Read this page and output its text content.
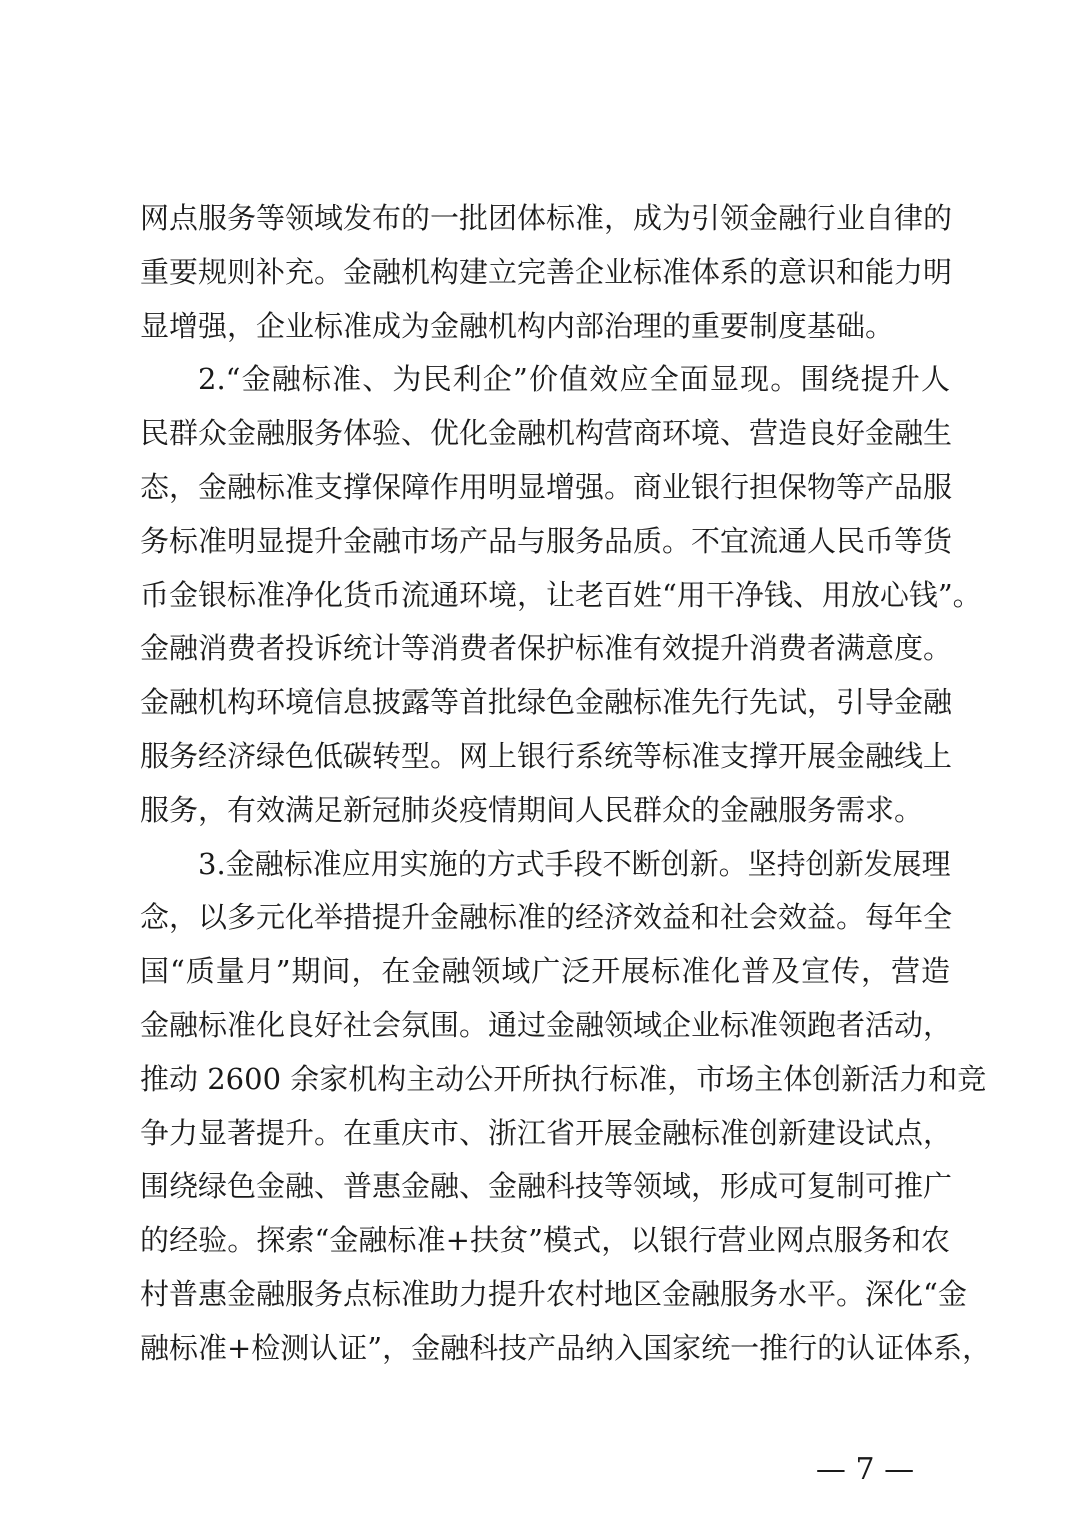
网点服务等领域发布的一批团体标准，成为引领金融行业自律的
重要规则补充。金融机构建立完善企业标准体系的意识和能力明
显增强，企业标准成为金融机构内部治理的重要制度基础。
2.“金融标准、为民利企”价值效应全面显现。围绕提升人
民群众金融服务体验、优化金融机构营商环境、营造良好金融生
态，金融标准支撑保障作用明显增强。商业银行担保物等产品服
务标准明显提升金融市场产品与服务品质。不宜流通人民币等货
币金银标准净化货币流通环境，让老百姓“用干净钱、用放心钱”。
金融消费者投诉统计等消费者保护标准有效提升消费者满意度。
金融机构环境信息披露等首批绿色金融标准先行先试，引导金融
服务经济绿色低碳转型。网上银行系统等标准支撑开展金融线上
服务，有效满足新冠肺炎疫情期间人民群众的金融服务需求。
3.金融标准应用实施的方式手段不断创新。坚持创新发展理
念，以多元化举措提升金融标准的经济效益和社会效益。每年全
国“质量月”期间，在金融领域广泛开展标准化普及宣传，营造
金融标准化良好社会氛围。通过金融领域企业标准领跑者活动，
推动 2600 余家机构主动公开所执行标准，市场主体创新活力和竞
争力显著提升。在重庆市、浙江省开展金融标准创新建设试点，
围绕绿色金融、普惠金融、金融科技等领域，形成可复制可推广
的经验。探索“金融标准+扶贫”模式，以银行营业网点服务和农
村普惠金融服务点标准助力提升农村地区金融服务水平。深化“金
融标准+检测认证”，金融科技产品纳入国家统一推行的认证体系，
— 7 —
